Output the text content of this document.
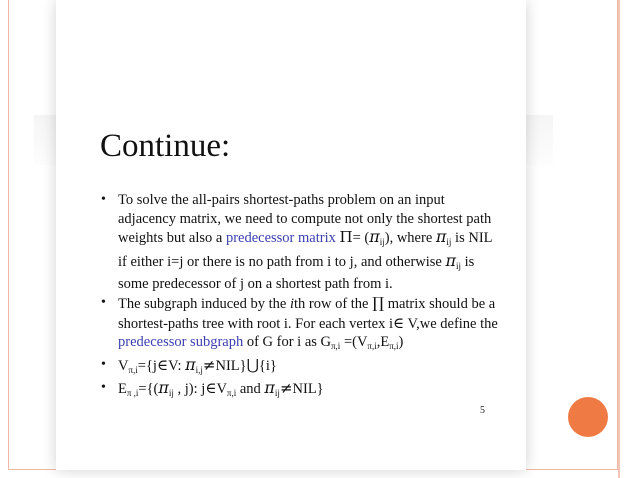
Continue:
• To solve the all-pairs shortest-paths problem on an input adjacency matrix, we need to compute not only the shortest path weights but also a predecessor matrix $\Pi= (\pi_{ij})$, where $\pi_{ij}$ is NIL if either i=j or there is no path from i to j, and otherwise $\pi_{ij}$ is some predecessor of j on a shortest path from i.
• The subgraph induced by the ith row of the ∏ matrix should be a shortest-paths tree with root i. For each vertex i∈ V,we define the predecessor subgraph of G for i as $G_{\pi,i} =(V_{\pi,i},E_{\pi,i})$
• $V_{\pi,i}=\{j\in V$: $\pi_{i,j}\ne NIL\}⋃\{i\}$
• $E_{\pi ,i}=\{(\pi_{ij}$ , j): $j\in V_{\pi,i}$ and $\pi_{ij}\ne NIL$}
5
